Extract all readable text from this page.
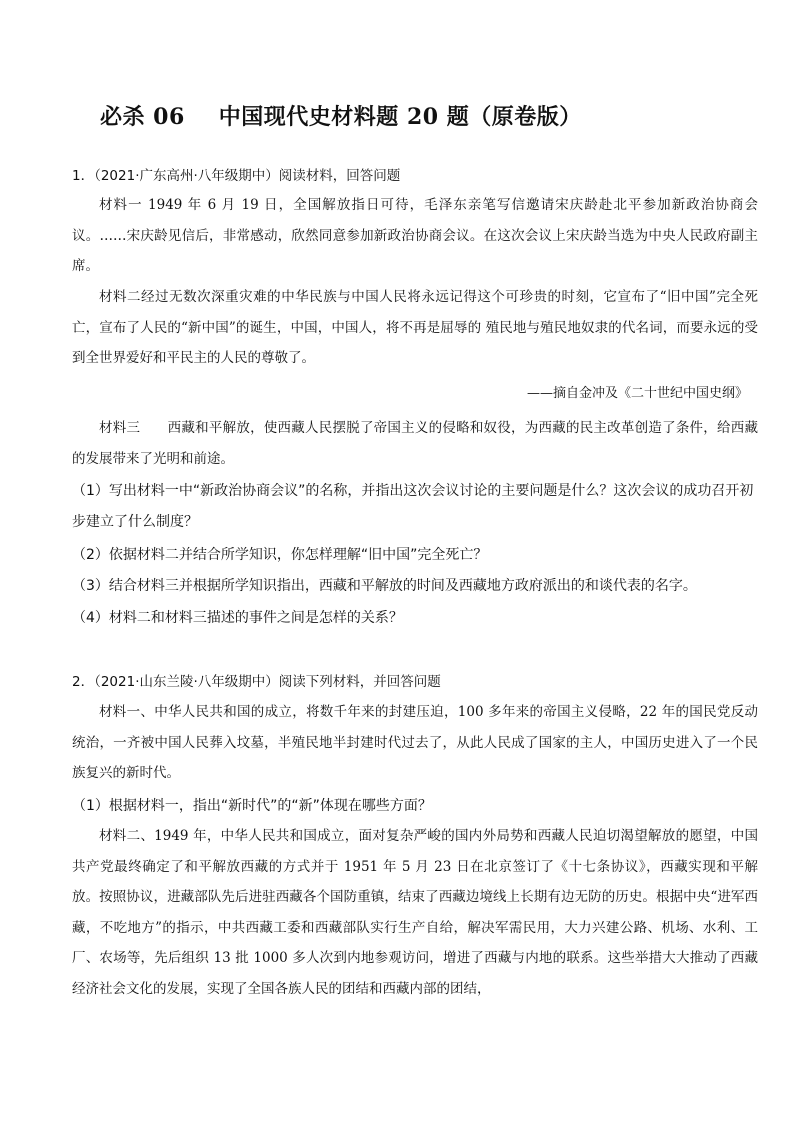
必杀 06 中国现代史材料题 20 题（原卷版）
1．（2021·广东高州·八年级期中）阅读材料，回答问题

材料一 1949 年 6 月 19 日，全国解放指日可待，毛泽东亲笔写信邀请宋庆龄赴北平参加新政治协商会议。……宋庆龄见信后，非常感动，欣然同意参加新政治协商会议。在这次会议上宋庆龄当选为中央人民政府副主席。

材料二经过无数次深重灾难的中华民族与中国人民将永远记得这个可珍贵的时刻，它宣布了“旧中国”完全死亡，宣布了人民的“新中国”的诞生，中国，中国人，将不再是屈辱的 殖民地与殖民地奴隶的代名词，而要永远的受到全世界爱好和平民主的人民的尊敬了。

——摘自金冲及《二十世纪中国史纲》

材料三　　西藏和平解放，使西藏人民摆脱了帝国主义的侵略和奴役，为西藏的民主改革创造了条件，给西藏的发展带来了光明和前途。

（1）写出材料一中“新政治协商会议”的名称，并指出这次会议讨论的主要问题是什么？这次会议的成功召开初步建立了什么制度？

（2）依据材料二并结合所学知识，你怎样理解“旧中国”完全死亡？

（3）结合材料三并根据所学知识指出，西藏和平解放的时间及西藏地方政府派出的和谈代表的名字。

（4）材料二和材料三描述的事件之间是怎样的关系？

2．（2021·山东兰陵·八年级期中）阅读下列材料，并回答问题

材料一、中华人民共和国的成立，将数千年来的封建压迫，100 多年来的帝国主义侵略，22 年的国民党反动统治，一齐被中国人民葬入坟墓，半殖民地半封建时代过去了，从此人民成了国家的主人，中国历史进入了一个民族复兴的新时代。

（1）根据材料一，指出“新时代”的“新”体现在哪些方面？

材料二、1949 年，中华人民共和国成立，面对复杂严峻的国内外局势和西藏人民迫切渴望解放的愿望，中国共产党最终确定了和平解放西藏的方式并于 1951 年 5 月 23 日在北京签订了《十七条协议》，西藏实现和平解放。按照协议，进藏部队先后进驻西藏各个国防重镇，结束了西藏边境线上长期有边无防的历史。根据中央“进军西藏，不吃地方”的指示，中共西藏工委和西藏部队实行生产自给，解决军需民用，大力兴建公路、机场、水利、工厂、农场等，先后组织 13 批 1000 多人次到内地参观访问，增进了西藏与内地的联系。这些举措大大推动了西藏经济社会文化的发展，实现了全国各族人民的团结和西藏内部的团结，
